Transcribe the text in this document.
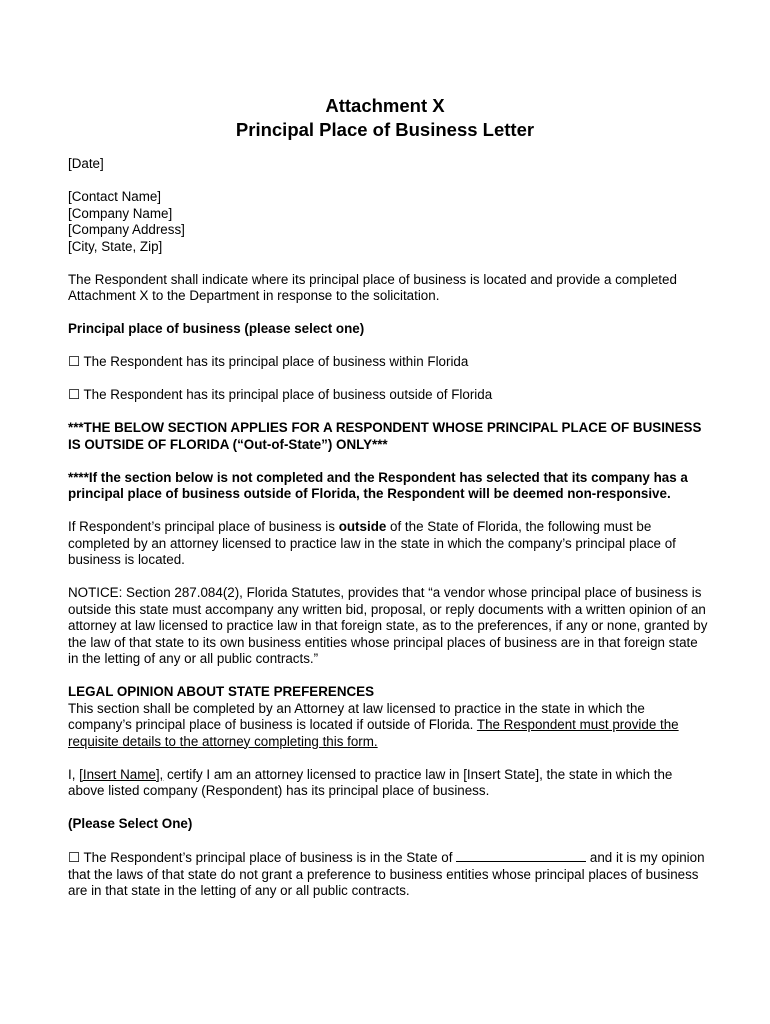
Attachment X
Principal Place of Business Letter

[Date]

[Contact Name]
[Company Name]
[Company Address]
[City, State, Zip]

The Respondent shall indicate where its principal place of business is located and provide a completed Attachment X to the Department in response to the solicitation.

Principal place of business (please select one)

☐ The Respondent has its principal place of business within Florida

☐ The Respondent has its principal place of business outside of Florida

***THE BELOW SECTION APPLIES FOR A RESPONDENT WHOSE PRINCIPAL PLACE OF BUSINESS IS OUTSIDE OF FLORIDA (“Out-of-State”) ONLY***

****If the section below is not completed and the Respondent has selected that its company has a principal place of business outside of Florida, the Respondent will be deemed non-responsive.

If Respondent’s principal place of business is outside of the State of Florida, the following must be completed by an attorney licensed to practice law in the state in which the company’s principal place of business is located.

NOTICE: Section 287.084(2), Florida Statutes, provides that “a vendor whose principal place of business is outside this state must accompany any written bid, proposal, or reply documents with a written opinion of an attorney at law licensed to practice law in that foreign state, as to the preferences, if any or none, granted by the law of that state to its own business entities whose principal places of business are in that foreign state in the letting of any or all public contracts.”

LEGAL OPINION ABOUT STATE PREFERENCES

This section shall be completed by an Attorney at law licensed to practice in the state in which the company’s principal place of business is located if outside of Florida. The Respondent must provide the requisite details to the attorney completing this form.

I, [Insert Name], certify I am an attorney licensed to practice law in [Insert State], the state in which the above listed company (Respondent) has its principal place of business.

(Please Select One)

☐ The Respondent’s principal place of business is in the State of	and it is my opinion that the laws of that state do not grant a preference to business entities whose principal places of business are in that state in the letting of any or all public contracts.
